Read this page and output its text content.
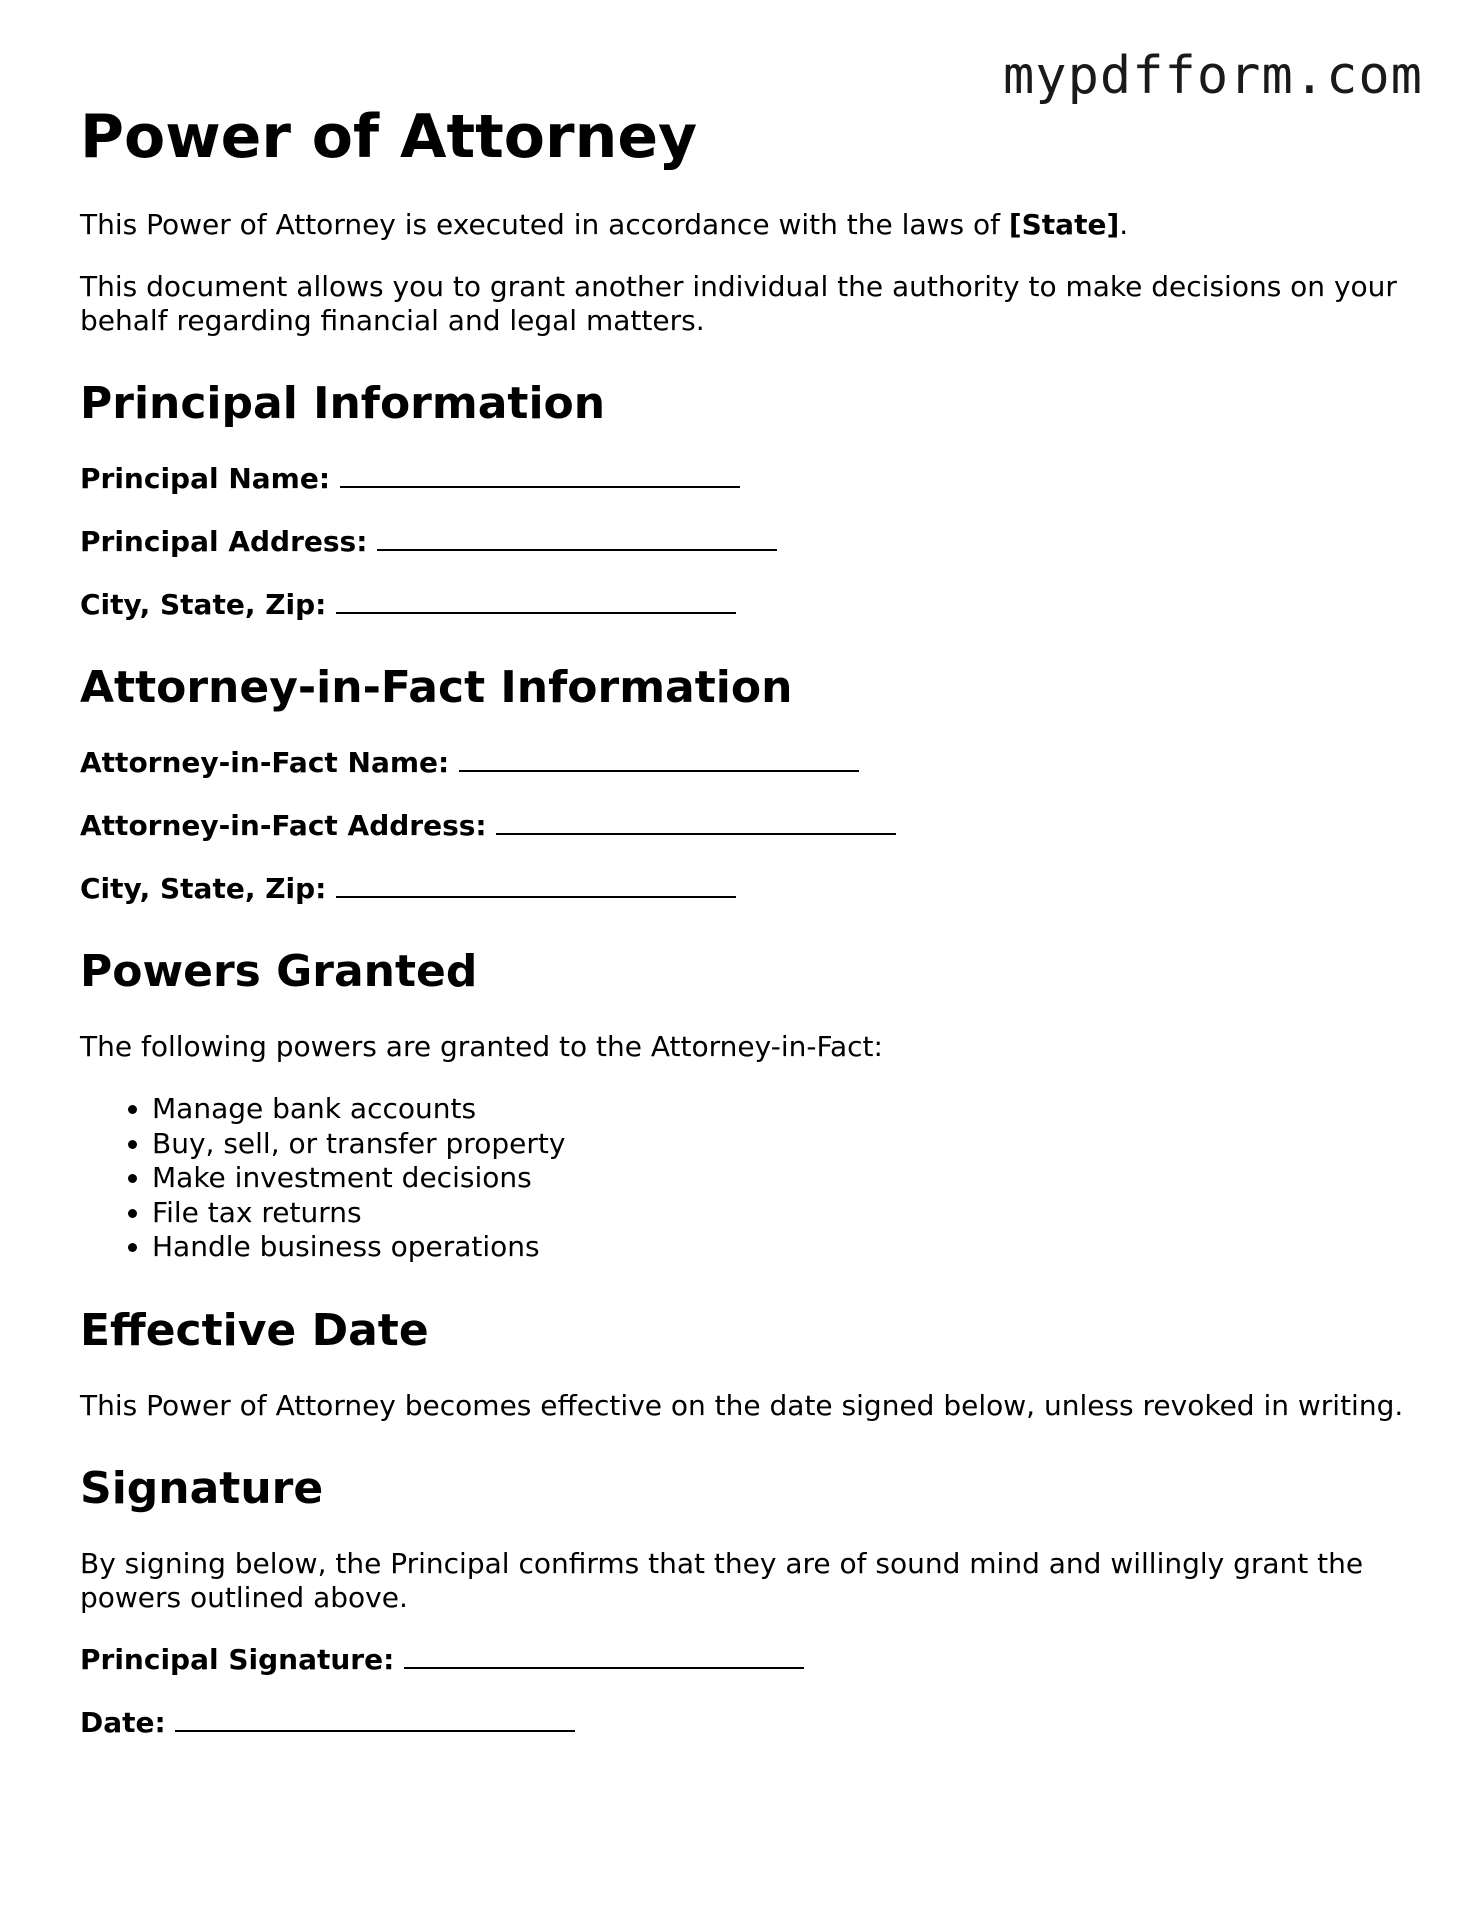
mypdfform.com
Power of Attorney

This Power of Attorney is executed in accordance with the laws of [State].

This document allows you to grant another individual the authority to make decisions on your behalf regarding financial and legal matters.

Principal Information
Principal Name:
Principal Address:
City, State, Zip:
Attorney-in-Fact Information
Attorney-in-Fact Name:
Attorney-in-Fact Address:
City, State, Zip:
Powers Granted

The following powers are granted to the Attorney-in-Fact:

• Manage bank accounts
• Buy, sell, or transfer property
• Make investment decisions
• File tax returns
• Handle business operations
Effective Date

This Power of Attorney becomes effective on the date signed below, unless revoked in writing.

Signature

By signing below, the Principal confirms that they are of sound mind and willingly grant the powers outlined above.

Principal Signature:
Date:
